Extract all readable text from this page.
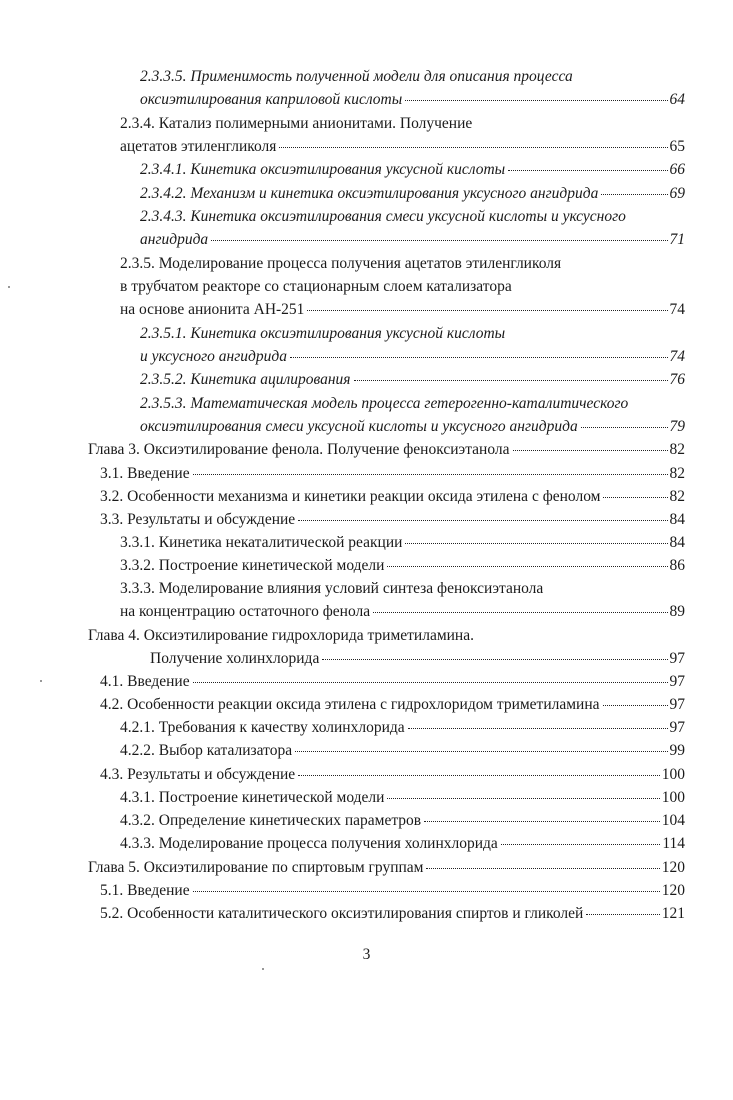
2.3.3.5. Применимость полученной модели для описания процесса
оксиэтилирования каприловой кислоты	64
2.3.4. Катализ полимерными анионитами. Получение
ацетатов этиленгликоля	65
2.3.4.1. Кинетика оксиэтилирования уксусной кислоты	66
2.3.4.2. Механизм и кинетика оксиэтилирования уксусного ангидрида	69
2.3.4.3. Кинетика оксиэтилирования смеси уксусной кислоты и уксусного
ангидрида	71
2.3.5. Моделирование процесса получения ацетатов этиленгликоля
в трубчатом реакторе со стационарным слоем катализатора
на основе анионита АН-251	74
2.3.5.1. Кинетика оксиэтилирования уксусной кислоты
и уксусного ангидрида	74
2.3.5.2. Кинетика ацилирования	76
2.3.5.3. Математическая модель процесса гетерогенно-каталитического
оксиэтилирования смеси уксусной кислоты и уксусного ангидрида	79
Глава 3. Оксиэтилирование фенола. Получение феноксиэтанола	82
3.1. Введение	82
3.2. Особенности механизма и кинетики реакции оксида этилена с фенолом	82
3.3. Результаты и обсуждение	84
3.3.1. Кинетика некаталитической реакции	84
3.3.2. Построение кинетической модели	86
3.3.3. Моделирование влияния условий синтеза феноксиэтанола
на концентрацию остаточного фенола	89
Глава 4. Оксиэтилирование гидрохлорида триметиламина.
Получение холинхлорида	97
4.1. Введение	97
4.2. Особенности реакции оксида этилена с гидрохлоридом триметиламина	97
4.2.1. Требования к качеству холинхлорида	97
4.2.2. Выбор катализатора	99
4.3. Результаты и обсуждение	100
4.3.1. Построение кинетической модели	100
4.3.2. Определение кинетических параметров	104
4.3.3. Моделирование процесса получения холинхлорида	114
Глава 5. Оксиэтилирование по спиртовым группам	120
5.1. Введение	120
5.2. Особенности каталитического оксиэтилирования спиртов и гликолей	121
3
